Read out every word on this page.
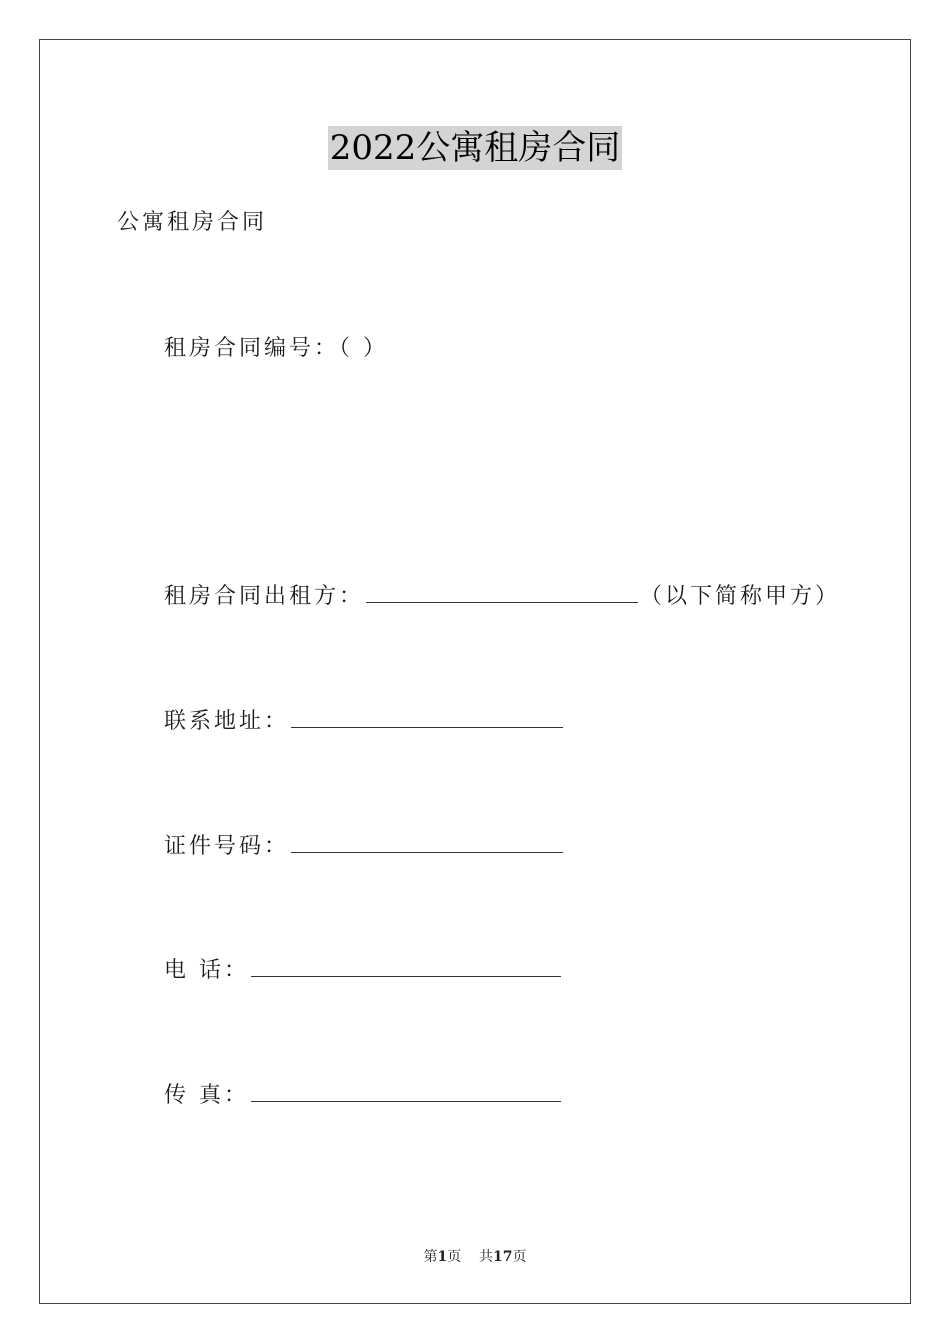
2022公寓租房合同
公寓租房合同
租房合同编号：（ ）
租房合同出租方：	（以下简称甲方）
联系地址：
证件号码：
电 话：
传 真：
第1页 共17页
